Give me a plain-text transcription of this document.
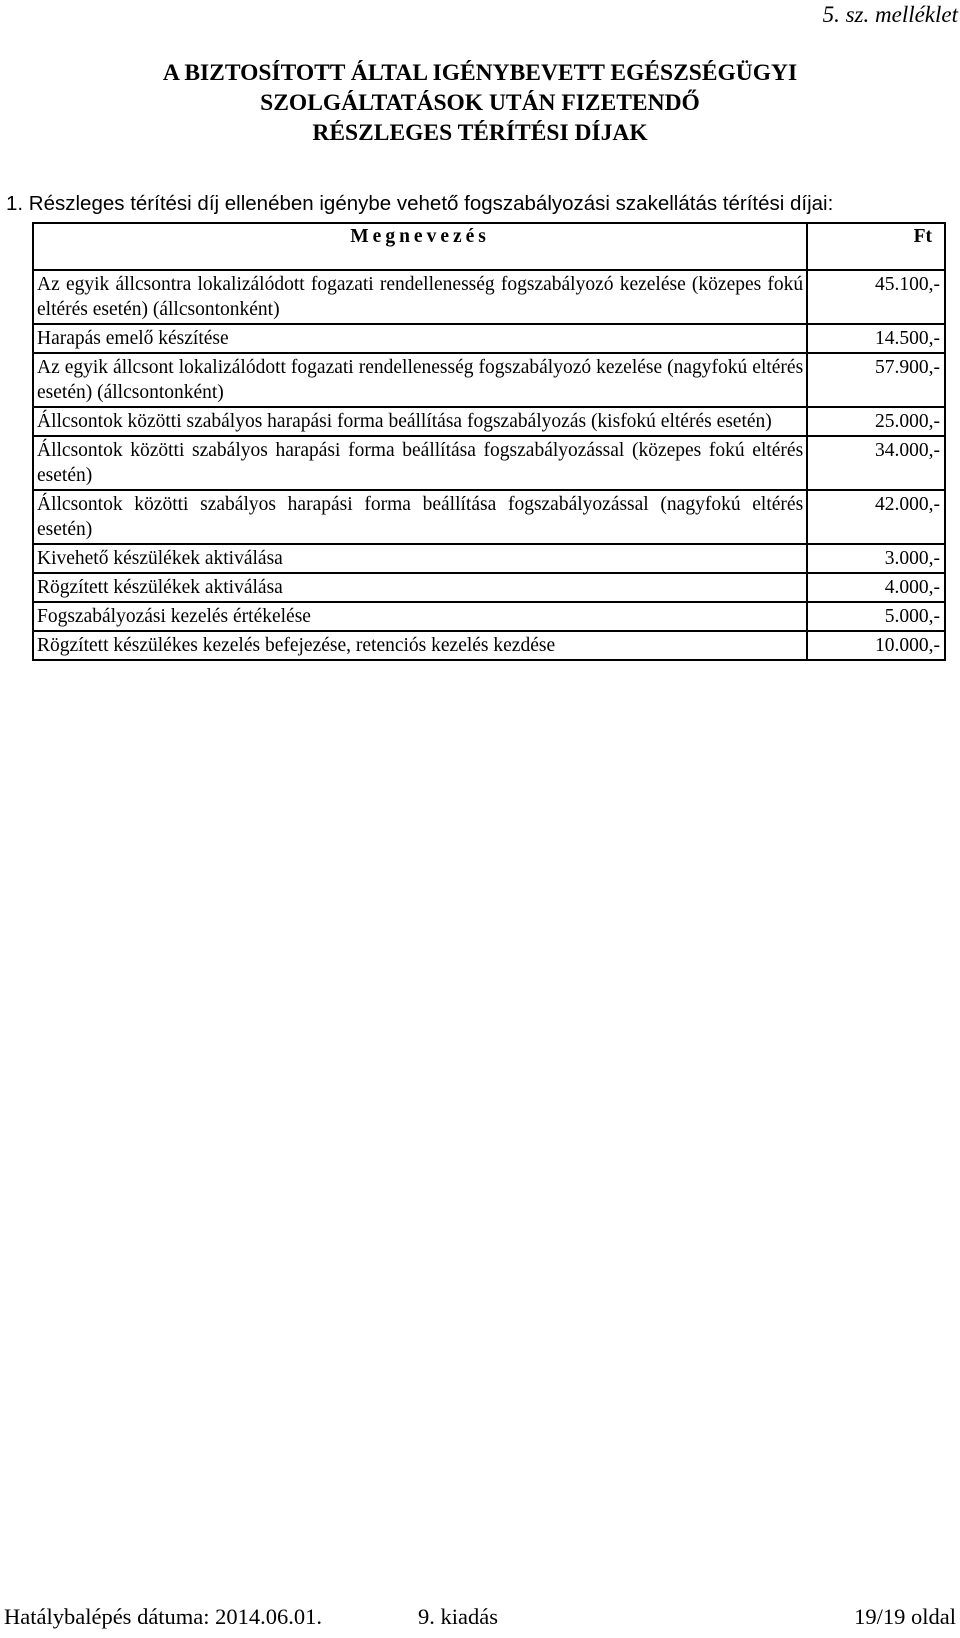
5. sz. melléklet
A BIZTOSÍTOTT ÁLTAL IGÉNYBEVETT EGÉSZSÉGÜGYI
SZOLGÁLTATÁSOK UTÁN FIZETENDŐ
RÉSZLEGES TÉRÍTÉSI DÍJAK
1. Részleges térítési díj ellenében igénybe vehető fogszabályozási szakellátás térítési díjai:
Megnevezés	Ft
Az egyik állcsontra lokalizálódott fogazati rendellenesség fogszabályozó kezelése (közepes fokú eltérés esetén) (állcsontonként)	45.100,-
Harapás emelő készítése	14.500,-
Az egyik állcsont lokalizálódott fogazati rendellenesség fogszabályozó kezelése (nagyfokú eltérés esetén) (állcsontonként)	57.900,-
Állcsontok közötti szabályos harapási forma beállítása fogszabályozás (kisfokú eltérés esetén)	25.000,-
Állcsontok közötti szabályos harapási forma beállítása fogszabályozással (közepes fokú eltérés esetén)	34.000,-
Állcsontok közötti szabályos harapási forma beállítása fogszabályozással (nagyfokú eltérés esetén)	42.000,-
Kivehető készülékek aktiválása	3.000,-
Rögzített készülékek aktiválása	4.000,-
Fogszabályozási kezelés értékelése	5.000,-
Rögzített készülékes kezelés befejezése, retenciós kezelés kezdése	10.000,-
Hatálybalépés dátuma: 2014.06.01.	9. kiadás	19/19 oldal
